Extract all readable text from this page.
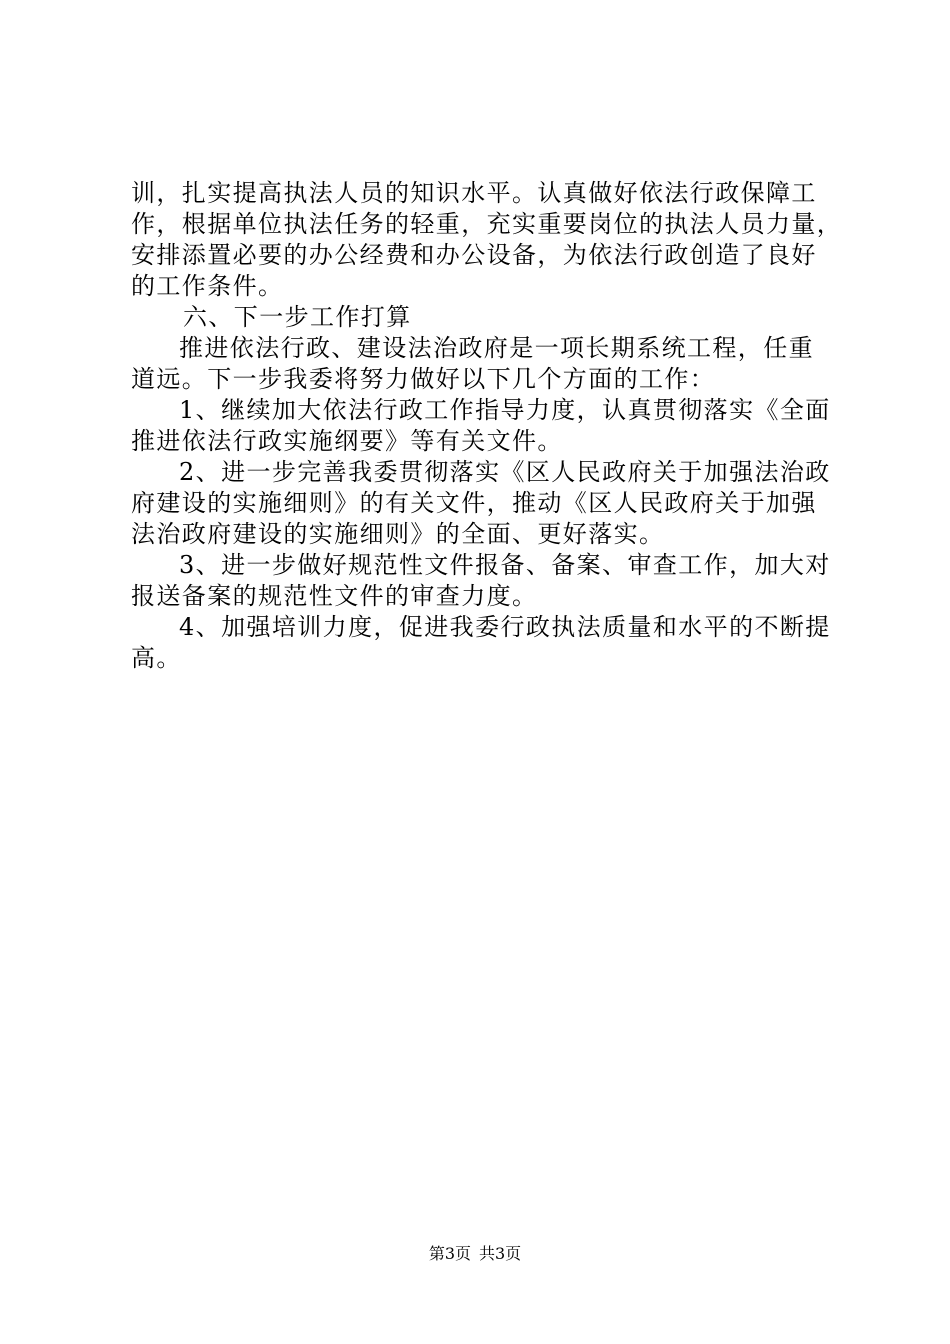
训，扎实提高执法人员的知识水平。认真做好依法行政保障工
作，根据单位执法任务的轻重，充实重要岗位的执法人员力量，
安排添置必要的办公经费和办公设备，为依法行政创造了良好
的工作条件。
六、下一步工作打算
推进依法行政、建设法治政府是一项长期系统工程，任重
道远。下一步我委将努力做好以下几个方面的工作：
1、继续加大依法行政工作指导力度，认真贯彻落实《全面
推进依法行政实施纲要》等有关文件。
2、进一步完善我委贯彻落实《区人民政府关于加强法治政
府建设的实施细则》的有关文件，推动《区人民政府关于加强
法治政府建设的实施细则》的全面、更好落实。
3、进一步做好规范性文件报备、备案、审查工作，加大对
报送备案的规范性文件的审查力度。
4、加强培训力度，促进我委行政执法质量和水平的不断提
高。
第3页 共3页
